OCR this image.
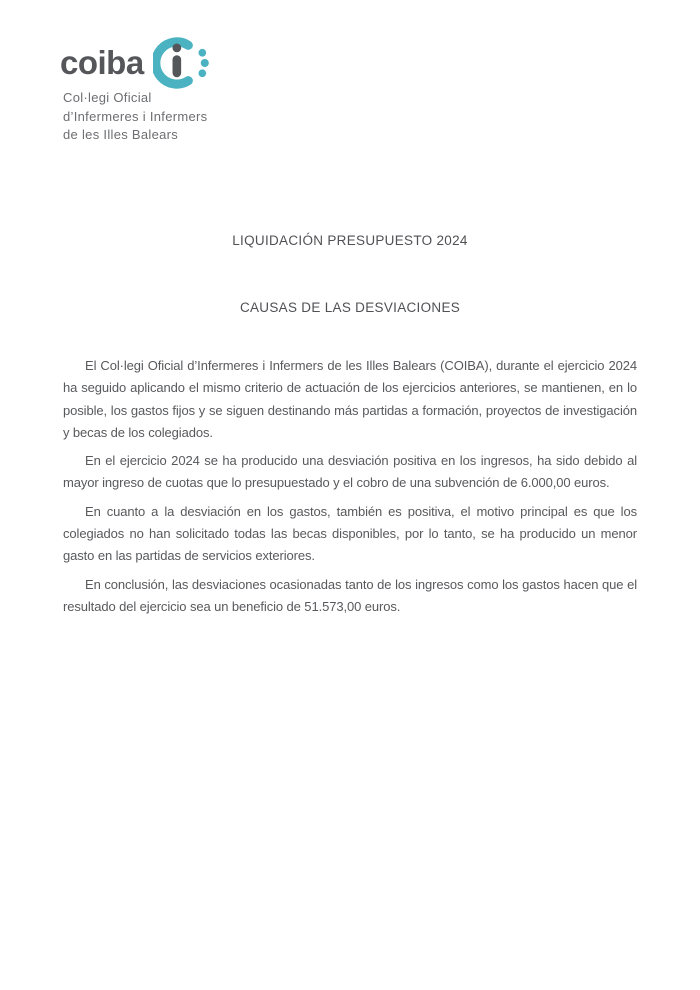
coiba
Col·legi Oficial
d’Infermeres i Infermers
de les Illes Balears
LIQUIDACIÓN PRESUPUESTO 2024
CAUSAS DE LAS DESVIACIONES

El Col·legi Oficial d’Infermeres i Infermers de les Illes Balears (COIBA), durante el ejercicio 2024 ha seguido aplicando el mismo criterio de actuación de los ejercicios anteriores, se mantienen, en lo posible, los gastos fijos y se siguen destinando más partidas a formación, proyectos de investigación y becas de los colegiados.

En el ejercicio 2024 se ha producido una desviación positiva en los ingresos, ha sido debido al mayor ingreso de cuotas que lo presupuestado y el cobro de una subvención de 6.000,00 euros.

En cuanto a la desviación en los gastos, también es positiva, el motivo principal es que los colegiados no han solicitado todas las becas disponibles, por lo tanto, se ha producido un menor gasto en las partidas de servicios exteriores.

En conclusión, las desviaciones ocasionadas tanto de los ingresos como los gastos hacen que el resultado del ejercicio sea un beneficio de 51.573,00 euros.
